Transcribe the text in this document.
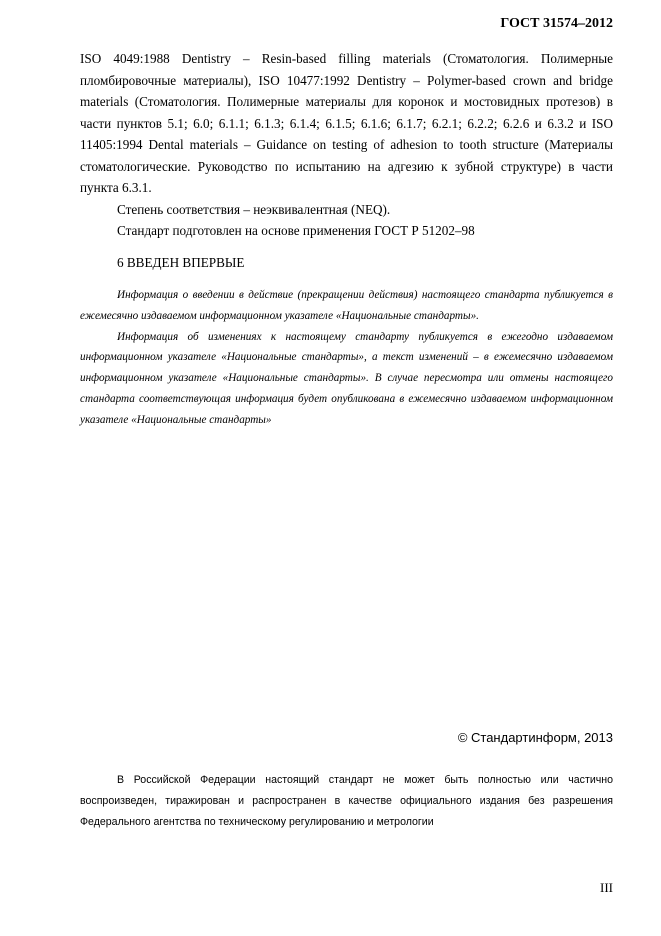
ГОСТ 31574–2012

ISO 4049:1988 Dentistry – Resin-based filling materials (Стоматология. Полимерные пломбировочные материалы), ISO 10477:1992 Dentistry – Polymer-based crown and bridge materials (Стоматология. Полимерные материалы для коронок и мостовидных протезов) в части пунктов 5.1; 6.0; 6.1.1; 6.1.3; 6.1.4; 6.1.5; 6.1.6; 6.1.7; 6.2.1; 6.2.2; 6.2.6 и 6.3.2 и ISO 11405:1994 Dental materials – Guidance on testing of adhesion to tooth structure (Материалы стоматологические. Руководство по испытанию на адгезию к зубной структуре) в части пункта 6.3.1.

Степень соответствия – неэквивалентная (NEQ).

Стандарт подготовлен на основе применения ГОСТ Р 51202–98

6 ВВЕДЕН ВПЕРВЫЕ

Информация о введении в действие (прекращении действия) настоящего стандарта публикуется в ежемесячно издаваемом информационном указателе «Национальные стандарты».

Информация об изменениях к настоящему стандарту публикуется в ежегодно издаваемом информационном указателе «Национальные стандарты», а текст изменений – в ежемесячно издаваемом информационном указателе «Национальные стандарты». В случае пересмотра или отмены настоящего стандарта соответствующая информация будет опубликована в ежемесячно издаваемом информационном указателе «Национальные стандарты»

© Стандартинформ, 2013

В Российской Федерации настоящий стандарт не может быть полностью или частично воспроизведен, тиражирован и распространен в качестве официального издания без разрешения Федерального агентства по техническому регулированию и метрологии

III
